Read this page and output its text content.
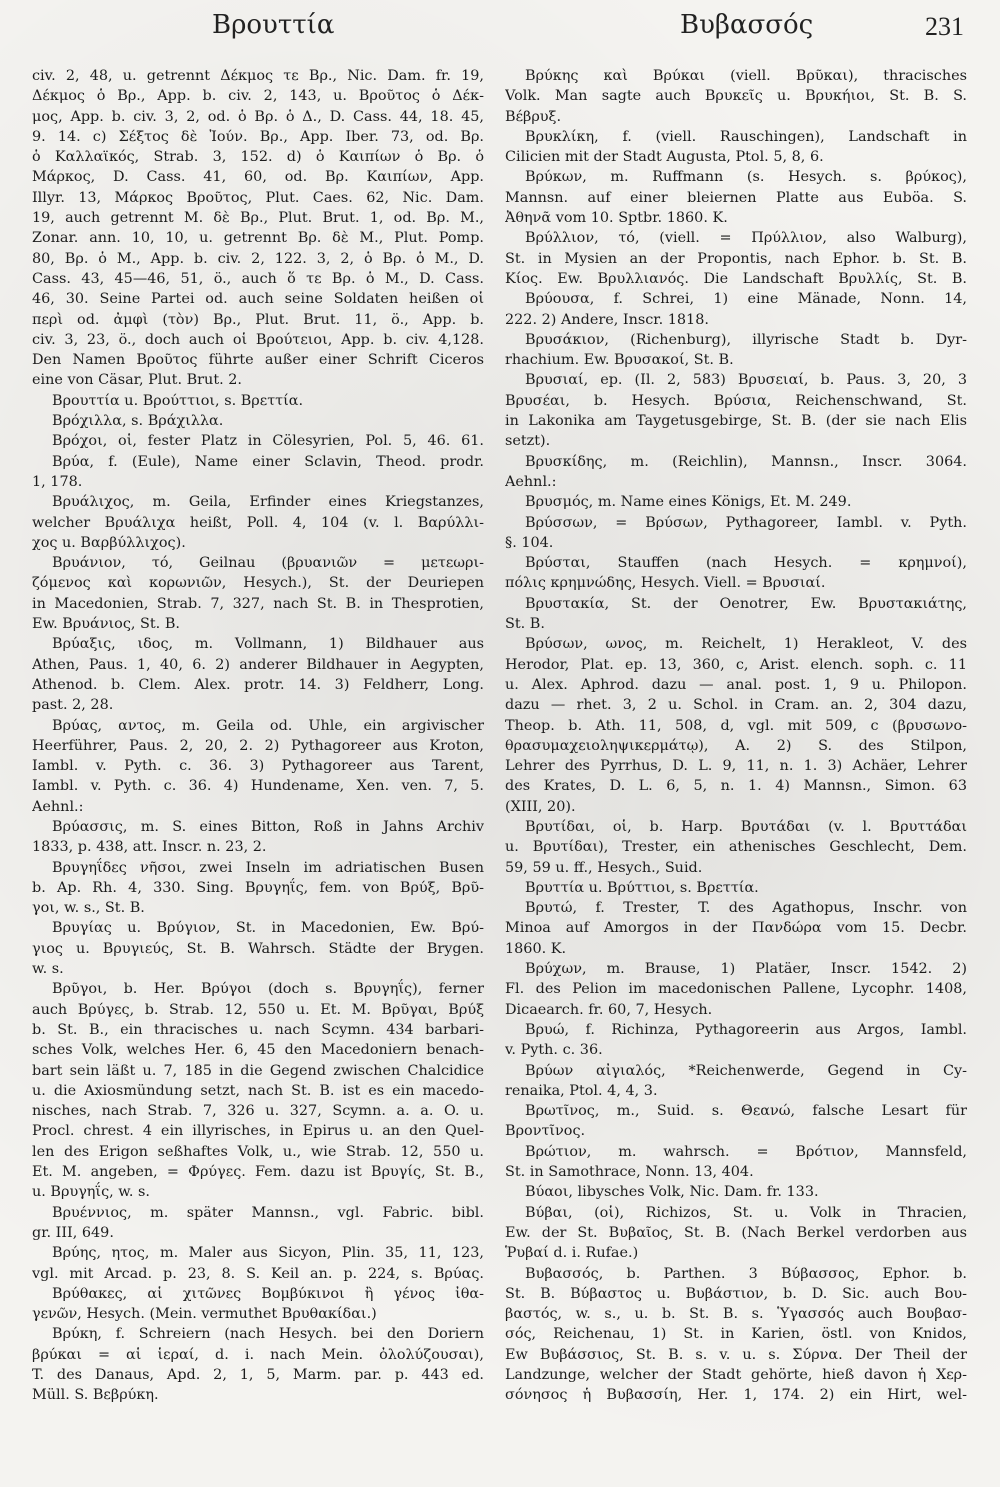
Βρουττία	Βυβασσός	231
civ. 2, 48, u. getrennt Δέκμος τε Βρ., Nic. Dam. fr. 19,
Δέκμος ὁ Βρ., App. b. civ. 2, 143, u. Βροῦτος ὁ Δέκ-
μος, App. b. civ. 3, 2, od. ὁ Βρ. ὁ Δ., D. Cass. 44, 18. 45,
9. 14. c) Σέξτος δὲ Ἰούν. Βρ., App. Iber. 73, od. Βρ.
ὁ Καλλαϊκός, Strab. 3, 152. d) ὁ Καιπίων ὁ Βρ. ὁ
Μάρκος, D. Cass. 41, 60, od. Βρ. Καιπίων, App.
Illyr. 13, Μάρκος Βροῦτος, Plut. Caes. 62, Nic. Dam.
19, auch getrennt Μ. δὲ Βρ., Plut. Brut. 1, od. Βρ. Μ.,
Zonar. ann. 10, 10, u. getrennt Βρ. δὲ Μ., Plut. Pomp.
80, Βρ. ὁ Μ., App. b. civ. 2, 122. 3, 2, ὁ Βρ. ὁ Μ., D.
Cass. 43, 45—46, 51, ö., auch ὅ τε Βρ. ὁ Μ., D. Cass.
46, 30. Seine Partei od. auch seine Soldaten heißen οἱ
περὶ od. ἀμφὶ (τὸν) Βρ., Plut. Brut. 11, ö., App. b.
civ. 3, 23, ö., doch auch οἱ Βρούτειοι, App. b. civ. 4,128.
Den Namen Βροῦτος führte außer einer Schrift Ciceros
eine von Cäsar, Plut. Brut. 2.
Βρουττία u. Βρούττιοι, s. Βρεττία.
Βρόχιλλα, s. Βράχιλλα.
Βρόχοι, οἱ, fester Platz in Cölesyrien, Pol. 5, 46. 61.
Βρύα, f. (Eule), Name einer Sclavin, Theod. prodr.
1, 178.
Βρυάλιχος, m. Geila, Erfinder eines Kriegstanzes,
welcher Βρυάλιχα heißt, Poll. 4, 104 (v. l. Βαρύλλι-
χος u. Βαρβύλλιχος).
Βρυάνιον, τό, Geilnau (βρυανιῶν = μετεωρι-
ζόμενος καὶ κορωνιῶν, Hesych.), St. der Deuriepen
in Macedonien, Strab. 7, 327, nach St. B. in Thesprotien,
Ew. Βρυάνιος, St. B.
Βρύαξις, ιδος, m. Vollmann, 1) Bildhauer aus
Athen, Paus. 1, 40, 6. 2) anderer Bildhauer in Aegypten,
Athenod. b. Clem. Alex. protr. 14. 3) Feldherr, Long.
past. 2, 28.
Βρύας, αντος, m. Geila od. Uhle, ein argivischer
Heerführer, Paus. 2, 20, 2. 2) Pythagoreer aus Kroton,
Iambl. v. Pyth. c. 36. 3) Pythagoreer aus Tarent,
Iambl. v. Pyth. c. 36. 4) Hundename, Xen. ven. 7, 5.
Aehnl.:
Βρύασσις, m. S. eines Bitton, Roß in Jahns Archiv
1833, p. 438, att. Inscr. n. 23, 2.
Βρυγηΐδες νῆσοι, zwei Inseln im adriatischen Busen
b. Ap. Rh. 4, 330. Sing. Βρυγηΐς, fem. von Βρύξ, Βρῦ-
γοι, w. s., St. B.
Βρυγίας u. Βρύγιον, St. in Macedonien, Ew. Βρύ-
γιος u. Βρυγιεύς, St. B. Wahrsch. Städte der Brygen.
w. s.
Βρῦγοι, b. Her. Βρύγοι (doch s. Βρυγηΐς), ferner
auch Βρύγες, b. Strab. 12, 550 u. Et. M. Βρῦγαι, Βρύξ
b. St. B., ein thracisches u. nach Scymn. 434 barbari-
sches Volk, welches Her. 6, 45 den Macedoniern benach-
bart sein läßt u. 7, 185 in die Gegend zwischen Chalcidice
u. die Axiosmündung setzt, nach St. B. ist es ein macedo-
nisches, nach Strab. 7, 326 u. 327, Scymn. a. a. O. u.
Procl. chrest. 4 ein illyrisches, in Epirus u. an den Quel-
len des Erigon seßhaftes Volk, u., wie Strab. 12, 550 u.
Et. M. angeben, = Φρύγες. Fem. dazu ist Βρυγίς, St. B.,
u. Βρυγηΐς, w. s.
Βρυέννιος, m. später Mannsn., vgl. Fabric. bibl.
gr. III, 649.
Βρύης, ητος, m. Maler aus Sicyon, Plin. 35, 11, 123,
vgl. mit Arcad. p. 23, 8. S. Keil an. p. 224, s. Βρύας.
Βρύθακες, αἱ χιτῶνες Βομβύκινοι ἢ γένος ἰθα-
γενῶν, Hesych. (Mein. vermuthet Βρυθακίδαι.)
Βρύκη, f. Schreiern (nach Hesych. bei den Doriern
βρύκαι = αἱ ἱεραί, d. i. nach Mein. ὀλολύζουσαι),
T. des Danaus, Apd. 2, 1, 5, Marm. par. p. 443 ed.
Müll. S. Βεβρύκη.
Βρύκης καὶ Βρύκαι (viell. Βρῦκαι), thracisches
Volk. Man sagte auch Βρυκεῖς u. Βρυκήιοι, St. B. S.
Βέβρυξ.
Βρυκλίκη, f. (viell. Rauschingen), Landschaft in
Cilicien mit der Stadt Augusta, Ptol. 5, 8, 6.
Βρύκων, m. Ruffmann (s. Hesych. s. βρύκος),
Mannsn. auf einer bleiernen Platte aus Euböa. S.
Ἀθηνᾶ vom 10. Sptbr. 1860. K.
Βρύλλιον, τό, (viell. = Πρύλλιον, also Walburg),
St. in Mysien an der Propontis, nach Ephor. b. St. B.
Κίος. Ew. Βρυλλιανός. Die Landschaft Βρυλλίς, St. B.
Βρύουσα, f. Schrei, 1) eine Mänade, Nonn. 14,
222. 2) Andere, Inscr. 1818.
Βρυσάκιον, (Richenburg), illyrische Stadt b. Dyr-
rhachium. Ew. Βρυσακοί, St. B.
Βρυσιαί, ep. (Il. 2, 583) Βρυσειαί, b. Paus. 3, 20, 3
Βρυσέαι, b. Hesych. Βρύσια, Reichenschwand, St.
in Lakonika am Taygetusgebirge, St. B. (der sie nach Elis
setzt).
Βρυσκίδης, m. (Reichlin), Mannsn., Inscr. 3064.
Aehnl.:
Βρυσμός, m. Name eines Königs, Et. M. 249.
Βρύσσων, = Βρύσων, Pythagoreer, Iambl. v. Pyth.
§. 104.
Βρύσται, Stauffen (nach Hesych. = κρημνοί),
πόλις κρημνώδης, Hesych. Viell. = Βρυσιαί.
Βρυστακία, St. der Oenotrer, Ew. Βρυστακιάτης,
St. B.
Βρύσων, ωνος, m. Reichelt, 1) Herakleot, V. des
Herodor, Plat. ep. 13, 360, c, Arist. elench. soph. c. 11
u. Alex. Aphrod. dazu — anal. post. 1, 9 u. Philopon.
dazu — rhet. 3, 2 u. Schol. in Cram. an. 2, 304 dazu,
Theop. b. Ath. 11, 508, d, vgl. mit 509, c (βρυσωνο-
θρασυμαχειοληψικερμάτῳ), A. 2) S. des Stilpon,
Lehrer des Pyrrhus, D. L. 9, 11, n. 1. 3) Achäer, Lehrer
des Krates, D. L. 6, 5, n. 1. 4) Mannsn., Simon. 63
(XIII, 20).
Βρυτίδαι, οἱ, b. Harp. Βρυτάδαι (v. l. Βρυττάδαι
u. Βρυτίδαι), Trester, ein athenisches Geschlecht, Dem.
59, 59 u. ff., Hesych., Suid.
Βρυττία u. Βρύττιοι, s. Βρεττία.
Βρυτώ, f. Trester, T. des Agathopus, Inschr. von
Minoa auf Amorgos in der Πανδώρα vom 15. Decbr.
1860. K.
Βρύχων, m. Brause, 1) Platäer, Inscr. 1542. 2)
Fl. des Pelion im macedonischen Pallene, Lycophr. 1408,
Dicaearch. fr. 60, 7, Hesych.
Βρυώ, f. Richinza, Pythagoreerin aus Argos, Iambl.
v. Pyth. c. 36.
Βρύων αἰγιαλός, *Reichenwerde, Gegend in Cy-
renaika, Ptol. 4, 4, 3.
Βρωτῖνος, m., Suid. s. Θεανώ, falsche Lesart für
Βροντῖνος.
Βρώτιον, m. wahrsch. = Βρότιον, Mannsfeld,
St. in Samothrace, Nonn. 13, 404.
Βύαοι, libysches Volk, Nic. Dam. fr. 133.
Βύβαι, (οἱ), Richizos, St. u. Volk in Thracien,
Ew. der St. Βυβαῖος, St. B. (Nach Berkel verdorben aus
Ῥυβαί d. i. Rufae.)
Βυβασσός, b. Parthen. 3 Βύβασσος, Ephor. b.
St. B. Βύβαστος u. Βυβάστιον, b. D. Sic. auch Βου-
βαστός, w. s., u. b. St. B. s. Ὑγασσός auch Βουβασ-
σός, Reichenau, 1) St. in Karien, östl. von Knidos,
Ew Βυβάσσιος, St. B. s. v. u. s. Σύρνα. Der Theil der
Landzunge, welcher der Stadt gehörte, hieß davon ἡ Χερ-
σόνησος ἡ Βυβασσίη, Her. 1, 174. 2) ein Hirt, wel-
